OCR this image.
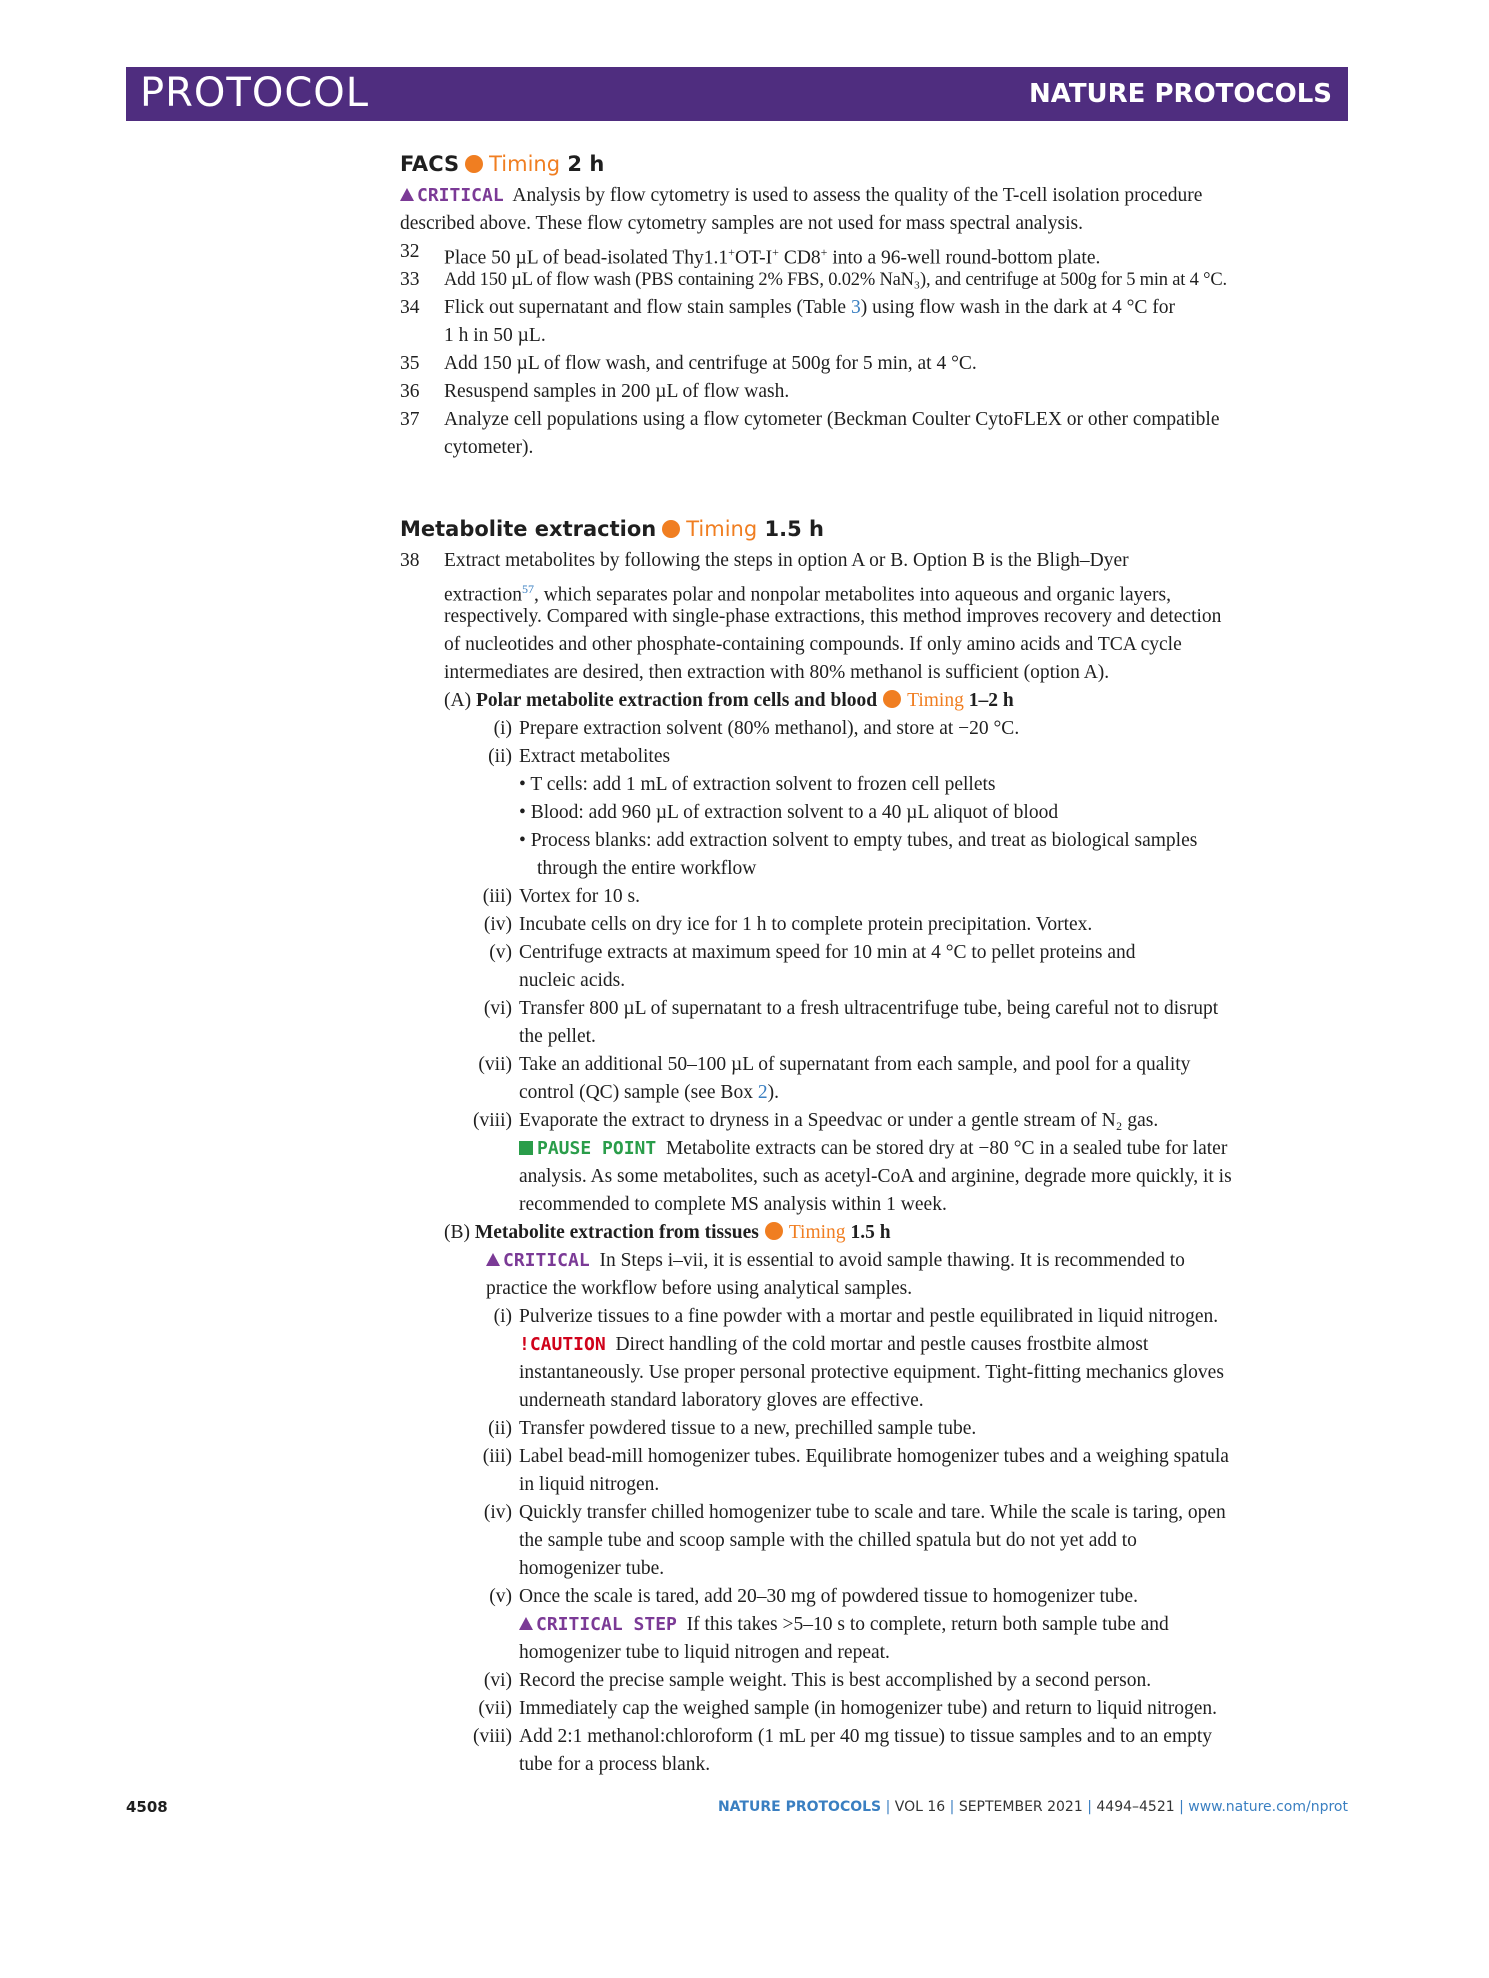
PROTOCOL	NATURE PROTOCOLS
FACS Timing 2 h
CRITICAL Analysis by flow cytometry is used to assess the quality of the T-cell isolation procedure
described above. These flow cytometry samples are not used for mass spectral analysis.
32 Place 50 µL of bead-isolated Thy1.1+OT-I+ CD8+ into a 96-well round-bottom plate.
33 Add 150 µL of flow wash (PBS containing 2% FBS, 0.02% NaN₃), and centrifuge at 500g for 5 min at 4 °C.
34 Flick out supernatant and flow stain samples (Table 3) using flow wash in the dark at 4 °C for
1 h in 50 µL.
35 Add 150 µL of flow wash, and centrifuge at 500g for 5 min, at 4 °C.
36 Resuspend samples in 200 µL of flow wash.
37 Analyze cell populations using a flow cytometer (Beckman Coulter CytoFLEX or other compatible
cytometer).
Metabolite extraction Timing 1.5 h
38 Extract metabolites by following the steps in option A or B. Option B is the Bligh–Dyer
extraction$^{57}$, which separates polar and nonpolar metabolites into aqueous and organic layers,
respectively. Compared with single-phase extractions, this method improves recovery and detection
of nucleotides and other phosphate-containing compounds. If only amino acids and TCA cycle
intermediates are desired, then extraction with 80% methanol is sufficient (option A).
(A) Polar metabolite extraction from cells and blood Timing 1–2 h
(i) Prepare extraction solvent (80% methanol), and store at −20 °C.
(ii) Extract metabolites
• T cells: add 1 mL of extraction solvent to frozen cell pellets
• Blood: add 960 µL of extraction solvent to a 40 µL aliquot of blood
• Process blanks: add extraction solvent to empty tubes, and treat as biological samples
through the entire workflow
(iii) Vortex for 10 s.
(iv) Incubate cells on dry ice for 1 h to complete protein precipitation. Vortex.
(v) Centrifuge extracts at maximum speed for 10 min at 4 °C to pellet proteins and
nucleic acids.
(vi) Transfer 800 µL of supernatant to a fresh ultracentrifuge tube, being careful not to disrupt
the pellet.
(vii) Take an additional 50–100 µL of supernatant from each sample, and pool for a quality
control (QC) sample (see Box 2).
(viii) Evaporate the extract to dryness in a Speedvac or under a gentle stream of N₂ gas.
PAUSE POINT Metabolite extracts can be stored dry at −80 °C in a sealed tube for later
analysis. As some metabolites, such as acetyl-CoA and arginine, degrade more quickly, it is
recommended to complete MS analysis within 1 week.
(B) Metabolite extraction from tissues Timing 1.5 h
CRITICAL In Steps i–vii, it is essential to avoid sample thawing. It is recommended to
practice the workflow before using analytical samples.
(i) Pulverize tissues to a fine powder with a mortar and pestle equilibrated in liquid nitrogen.
!CAUTION Direct handling of the cold mortar and pestle causes frostbite almost
instantaneously. Use proper personal protective equipment. Tight-fitting mechanics gloves
underneath standard laboratory gloves are effective.
(ii) Transfer powdered tissue to a new, prechilled sample tube.
(iii) Label bead-mill homogenizer tubes. Equilibrate homogenizer tubes and a weighing spatula
in liquid nitrogen.
(iv) Quickly transfer chilled homogenizer tube to scale and tare. While the scale is taring, open
the sample tube and scoop sample with the chilled spatula but do not yet add to
homogenizer tube.
(v) Once the scale is tared, add 20–30 mg of powdered tissue to homogenizer tube.
CRITICAL STEP If this takes >5–10 s to complete, return both sample tube and
homogenizer tube to liquid nitrogen and repeat.
(vi) Record the precise sample weight. This is best accomplished by a second person.
(vii) Immediately cap the weighed sample (in homogenizer tube) and return to liquid nitrogen.
(viii) Add 2:1 methanol:chloroform (1 mL per 40 mg tissue) to tissue samples and to an empty
tube for a process blank.
4508	NATURE PROTOCOLS | VOL 16 | SEPTEMBER 2021 | 4494–4521 | www.nature.com/nprot
